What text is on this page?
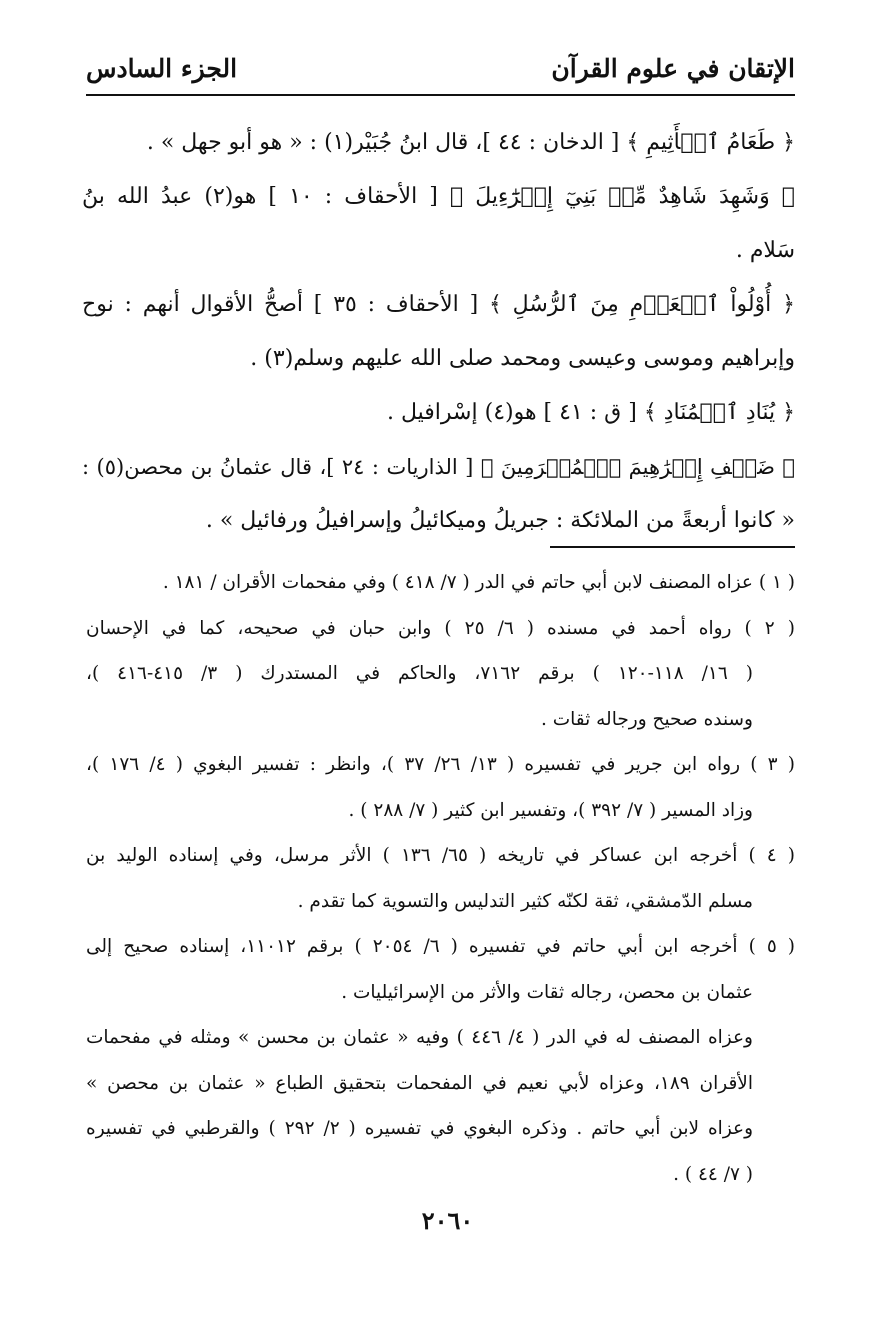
الإتقان في علوم القرآن
الجزء السادس
﴿ طَعَامُ ٱلۡأَثِيمِ ﴾ [ الدخان : ٤٤ ]، قال ابنُ جُبَيْر(١) : « هو أبو جهل » .
﴿ وَشَهِدَ شَاهِدٌ مِّنۢ بَنِيٓ إِسۡرَٰٓءِيلَ ﴾ [ الأحقاف : ١٠ ] هو(٢) عبدُ الله بنُ
سَلام .
﴿ أُوْلُواْ ٱلۡعَزۡمِ مِنَ ٱلرُّسُلِ ﴾ [ الأحقاف : ٣٥ ] أصحُّ الأقوال أنهم : نوح
وإبراهيم وموسى وعيسى ومحمد صلى الله عليهم وسلم(٣) .
﴿ يُنَادِ ٱلۡمُنَادِ ﴾ [ ق : ٤١ ] هو(٤) إسْرافيل .
﴿ ضَيۡفِ إِبۡرَٰهِيمَ ٱلۡمُكۡرَمِينَ ﴾ [ الذاريات : ٢٤ ]، قال عثمانُ بن محصن(٥) :
« كانوا أربعةً من الملائكة : جبريلُ وميكائيلُ وإسرافيلُ ورفائيل » .
( ١ ) عزاه المصنف لابن أبي حاتم في الدر ( ٧/ ٤١٨ ) وفي مفحمات الأقران / ١٨١ .
( ٢ ) رواه أحمد في مسنده ( ٦/ ٢٥ ) وابن حبان في صحيحه، كما في الإحسان
( ١٦/ ١١٨-١٢٠ ) برقم ٧١٦٢، والحاكم في المستدرك ( ٣/ ٤١٥-٤١٦ )،
وسنده صحيح ورجاله ثقات .
( ٣ ) رواه ابن جرير في تفسيره ( ١٣/ ٢٦/ ٣٧ )، وانظر : تفسير البغوي ( ٤/ ١٧٦ )،
وزاد المسير ( ٧/ ٣٩٢ )، وتفسير ابن كثير ( ٧/ ٢٨٨ ) .
( ٤ ) أخرجه ابن عساكر في تاريخه ( ٦٥/ ١٣٦ ) الأثر مرسل، وفي إسناده الوليد بن
مسلم الدّمشقي، ثقة لكنّه كثير التدليس والتسوية كما تقدم .
( ٥ ) أخرجه ابن أبي حاتم في تفسيره ( ٦/ ٢٠٥٤ ) برقم ١١٠١٢، إسناده صحيح إلى
عثمان بن محصن، رجاله ثقات والأثر من الإسرائيليات .
وعزاه المصنف له في الدر ( ٤/ ٤٤٦ ) وفيه « عثمان بن محسن » ومثله في مفحمات
الأقران ١٨٩، وعزاه لأبي نعيم في المفحمات بتحقيق الطباع « عثمان بن محصن »
وعزاه لابن أبي حاتم . وذكره البغوي في تفسيره ( ٢/ ٢٩٢ ) والقرطبي في تفسيره
( ٧/ ٤٤ ) .
٢٠٦٠
